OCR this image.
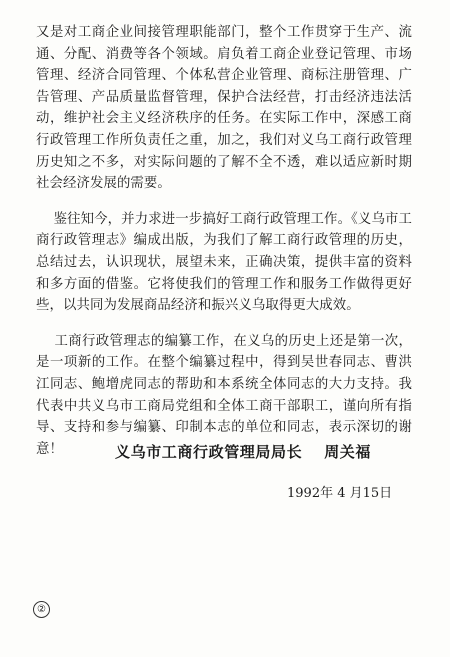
又是对工商企业间接管理职能部门，整个工作贯穿于生产、流通、分配、消费等各个领域。肩负着工商企业登记管理、市场管理、经济合同管理、个体私营企业管理、商标注册管理、广告管理、产品质量监督管理，保护合法经营，打击经济违法活动，维护社会主义经济秩序的任务。在实际工作中，深感工商行政管理工作所负责任之重，加之，我们对义乌工商行政管理历史知之不多，对实际问题的了解不全不透，难以适应新时期社会经济发展的需要。

鉴往知今，并力求进一步搞好工商行政管理工作。《义乌市工商行政管理志》编成出版，为我们了解工商行政管理的历史，总结过去，认识现状，展望未来，正确决策，提供丰富的资料和多方面的借鉴。它将使我们的管理工作和服务工作做得更好些，以共同为发展商品经济和振兴义乌取得更大成效。

工商行政管理志的编纂工作，在义乌的历史上还是第一次，是一项新的工作。在整个编纂过程中，得到吴世春同志、曹洪江同志、鲍增虎同志的帮助和本系统全体同志的大力支持。我代表中共义乌市工商局党组和全体工商干部职工，谨向所有指导、支持和参与编纂、印制本志的单位和同志，表示深切的谢意！	义乌市工商行政管理局局长 周关福
1992年 4 月15日
②
